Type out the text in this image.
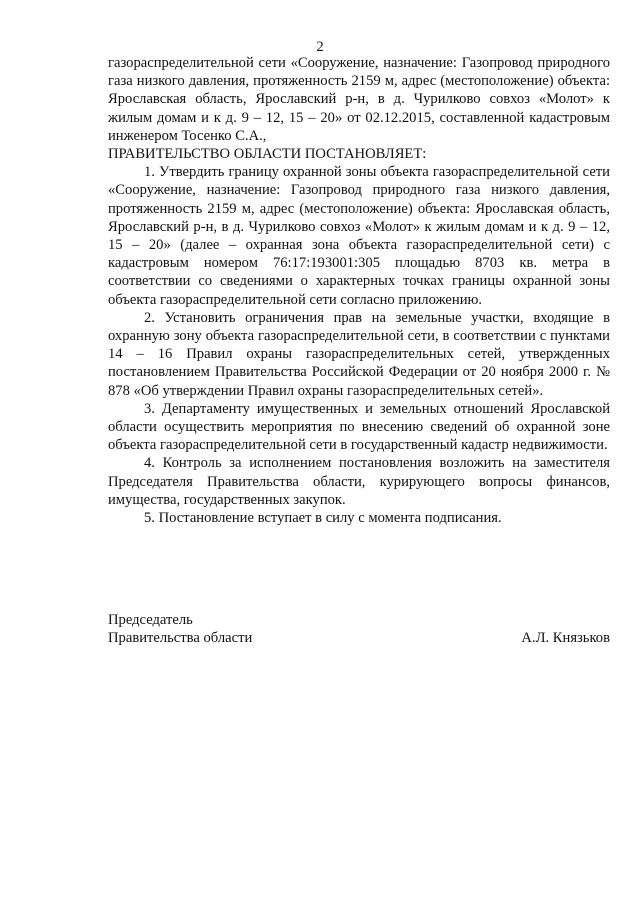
2

газораспределительной сети «Сооружение, назначение: Газопровод природного газа низкого давления, протяженность 2159 м, адрес (местоположение) объекта: Ярославская область, Ярославский р-н, в д. Чурилково совхоз «Молот» к жилым домам и к д. 9 – 12, 15 – 20» от 02.12.2015, составленной кадастровым инженером Тосенко С.А.,

ПРАВИТЕЛЬСТВО ОБЛАСТИ ПОСТАНОВЛЯЕТ:

1. Утвердить границу охранной зоны объекта газораспределительной сети «Сооружение, назначение: Газопровод природного газа низкого давления, протяженность 2159 м, адрес (местоположение) объекта: Ярославская область, Ярославский р-н, в д. Чурилково совхоз «Молот» к жилым домам и к д. 9 – 12, 15 – 20» (далее – охранная зона объекта газораспределительной сети) с кадастровым номером 76:17:193001:305 площадью 8703 кв. метра в соответствии со сведениями о характерных точках границы охранной зоны объекта газораспределительной сети согласно приложению.

2. Установить ограничения прав на земельные участки, входящие в охранную зону объекта газораспределительной сети, в соответствии с пунктами 14 – 16 Правил охраны газораспределительных сетей, утвержденных постановлением Правительства Российской Федерации от 20 ноября 2000 г. № 878 «Об утверждении Правил охраны газораспределительных сетей».

3. Департаменту имущественных и земельных отношений Ярославской области осуществить мероприятия по внесению сведений об охранной зоне объекта газораспределительной сети в государственный кадастр недвижимости.

4. Контроль за исполнением постановления возложить на заместителя Председателя Правительства области, курирующего вопросы финансов, имущества, государственных закупок.

5. Постановление вступает в силу с момента подписания.

Председатель
Правительства области	А.Л. Князьков
